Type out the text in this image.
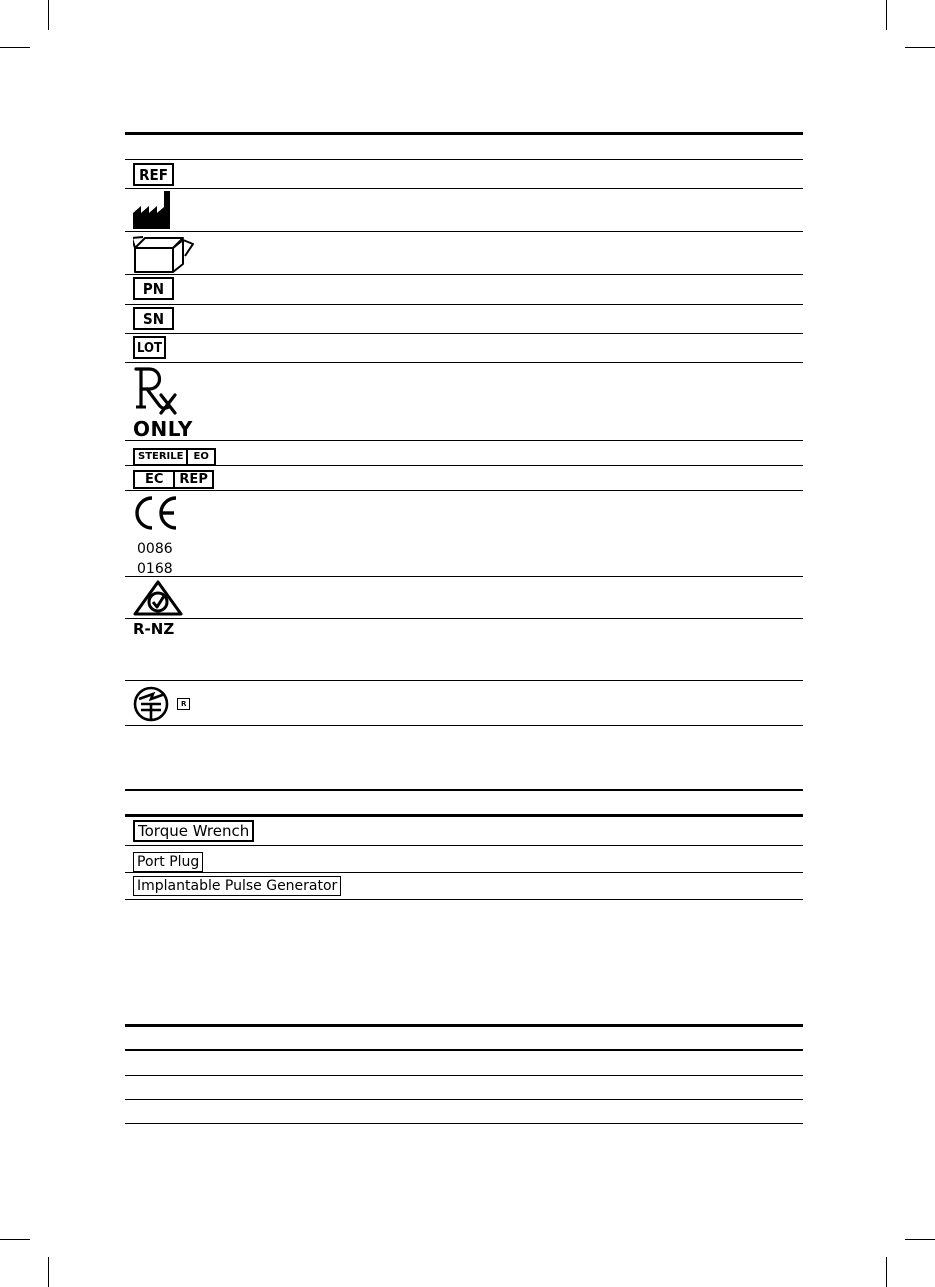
REF
PN
SN
LOT
ONLY
STERILE	EO
EC	REP
0086
0168
R-NZ
R
Torque Wrench
Port Plug
Implantable Pulse Generator
